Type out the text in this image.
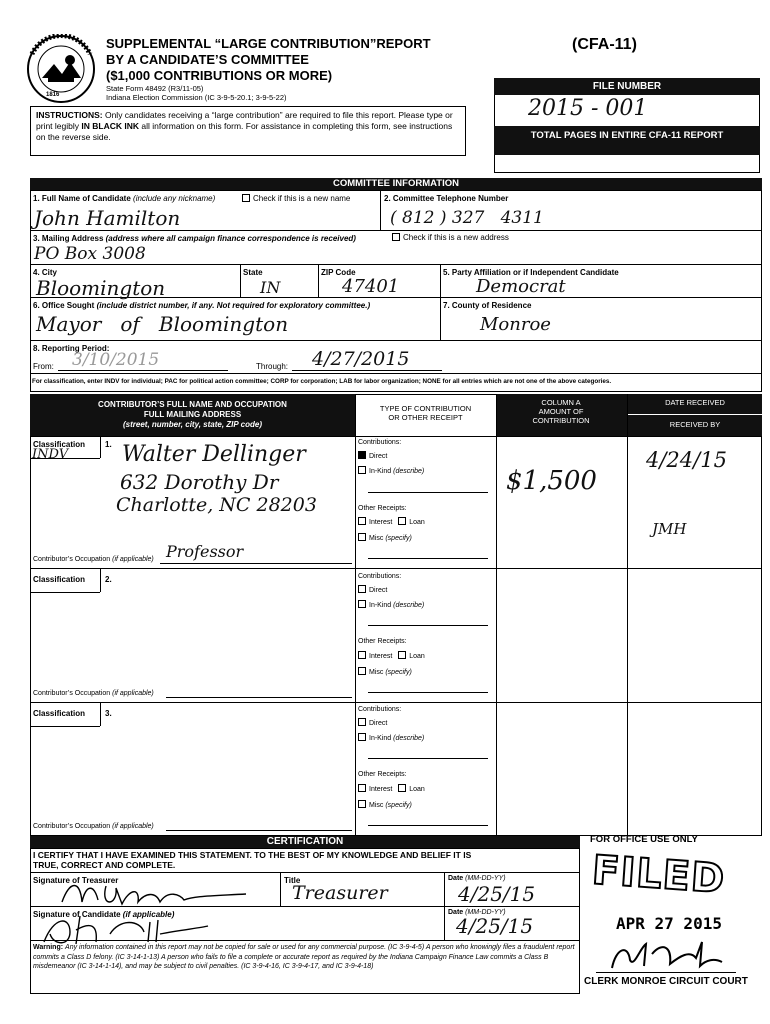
1816
SUPPLEMENTAL “LARGE CONTRIBUTION”REPORT
BY A CANDIDATE’S COMMITTEE
($1,000 CONTRIBUTIONS OR MORE)
State Form 48492 (R3/11-05)
Indiana Election Commission (IC 3-9-5-20.1; 3-9-5-22)
(CFA-11)
FILE NUMBER
2015 - 001
TOTAL PAGES IN ENTIRE CFA-11 REPORT
INSTRUCTIONS: Only candidates receiving a “large contribution” are required to file this report. Please type or print legibly IN BLACK INK all information on this form. For assistance in completing this form, see instructions on the reverse side.
COMMITTEE INFORMATION
1. Full Name of Candidate (include any nickname)	Check if this is a new name
John Hamilton
2. Committee Telephone Number
( 812 ) 327   4311
3. Mailing Address (address where all campaign finance correspondence is received)	Check if this is a new address
PO Box 3008
4. City
Bloomington
State
IN
ZIP Code
47401
5. Party Affiliation or if Independent Candidate
Democrat
6. Office Sought (include district number, if any. Not required for exploratory committee.)
Mayor   of   Bloomington
7. County of Residence
Monroe
8. Reporting Period:
From: 3/10/2015	Through: 4/27/2015
For classification, enter INDV for individual; PAC for political action committee; CORP for corporation; LAB for labor organization; NONE for all entries which are not one of the above categories.
CONTRIBUTOR’S FULL NAME AND OCCUPATION
FULL MAILING ADDRESS
(street, number, city, state, ZIP code)
TYPE OF CONTRIBUTION
OR OTHER RECEIPT
COLUMN A
AMOUNT OF
CONTRIBUTION
DATE RECEIVED
RECEIVED BY
Classification 1.
INDV Walter Dellinger
632 Dorothy Dr
Charlotte, NC 28203
Contributor’s Occupation (if applicable) Professor
Contributions:
Direct
In-Kind (describe)
Other Receipts:
Interest Loan
Misc (specify)
$1,500
4/24/15
JMH
Classification 2.
Contributor’s Occupation (if applicable)
Contributions:
Direct
In-Kind (describe)
Other Receipts:
Interest Loan
Misc (specify)
Classification 3.
Contributor’s Occupation (if applicable)
Contributions:
Direct
In-Kind (describe)
Other Receipts:
Interest Loan
Misc (specify)
CERTIFICATION
I CERTIFY THAT I HAVE EXAMINED THIS STATEMENT. TO THE BEST OF MY KNOWLEDGE AND BELIEF IT IS
TRUE, CORRECT AND COMPLETE.
Signature of Treasurer	Title
Treasurer
Date (MM-DD-YY)
4/25/15
Signature of Candidate (if applicable)	Date (MM-DD-YY)
4/25/15
Warning: Any information contained in this report may not be copied for sale or used for any commercial purpose. (IC 3-9-4-5) A person who knowingly files a fraudulent report commits a Class D felony. (IC 3-14-1-13) A person who fails to file a complete or accurate report as required by the Indiana Campaign Finance Law commits a Class B misdemeanor (IC 3-14-1-14), and may be subject to civil penalties. (IC 3-9-4-16, IC 3-9-4-17, and IC 3-9-4-18)
FOR OFFICE USE ONLY
FILED
APR 27 2015
CLERK MONROE CIRCUIT COURT
